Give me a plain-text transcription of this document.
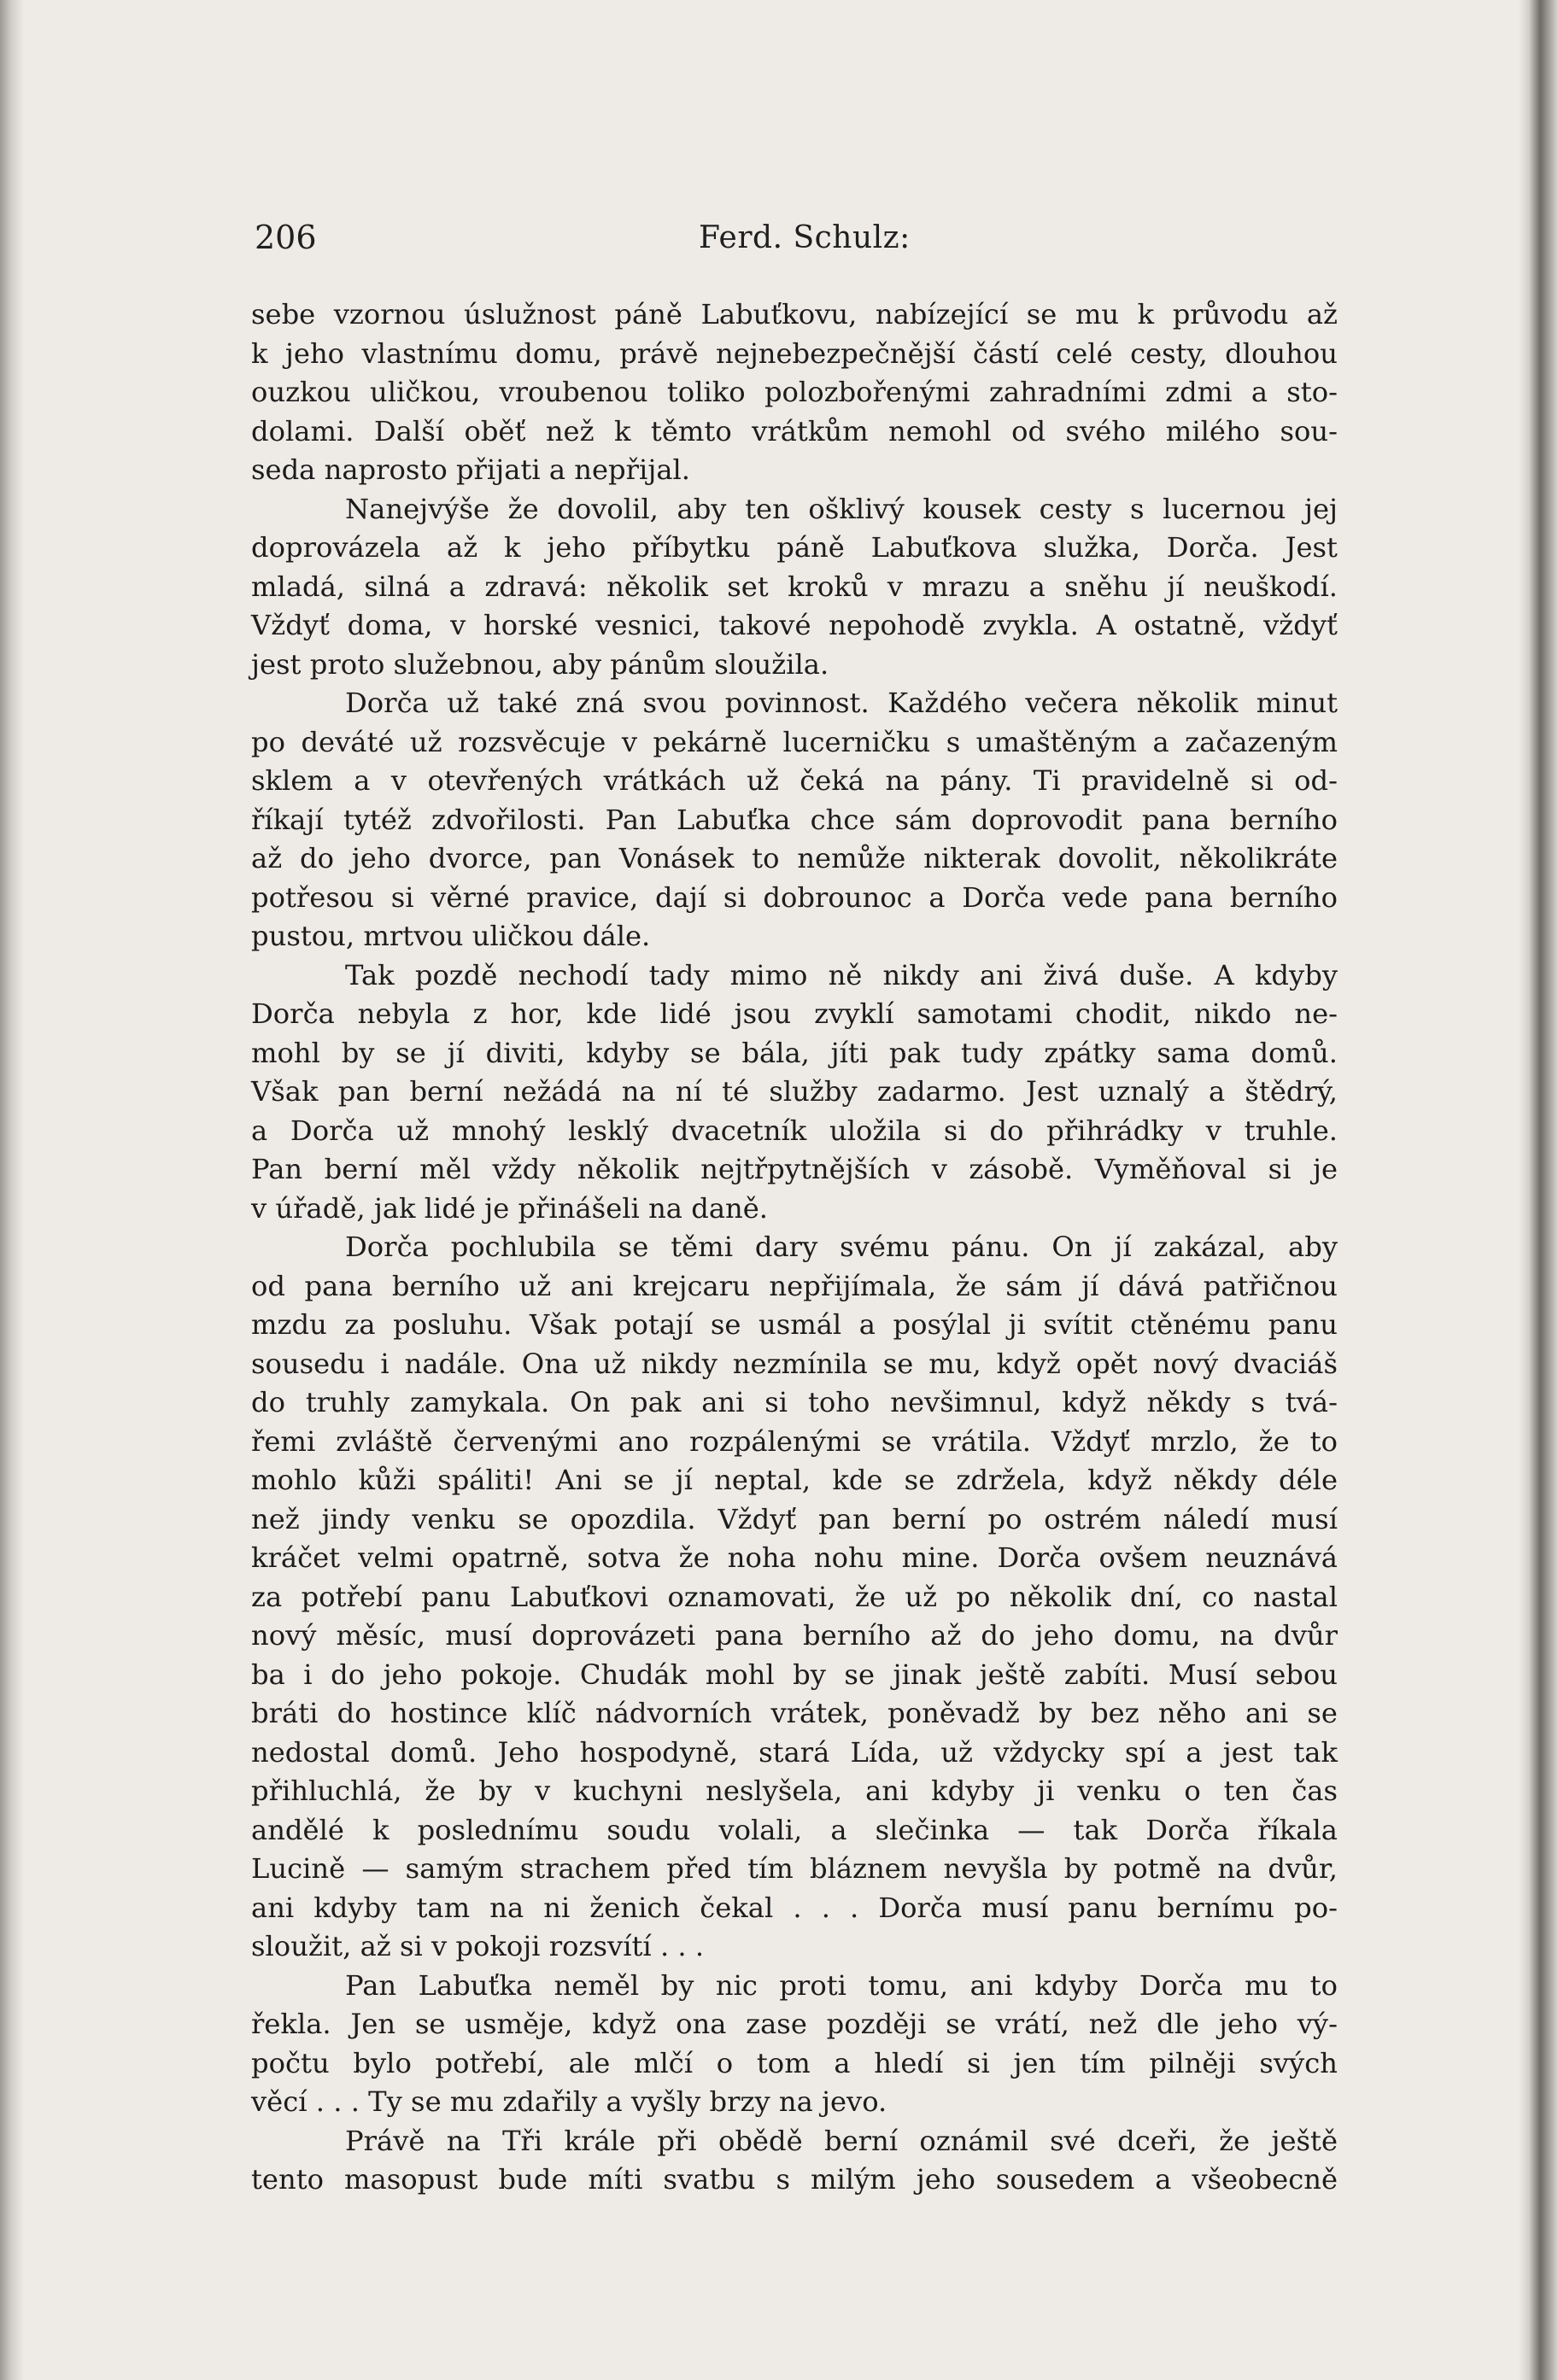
206	Ferd. Schulz:
sebe vzornou úslužnost páně Labuťkovu, nabízející se mu k průvodu až
k jeho vlastnímu domu, právě nejnebezpečnější částí celé cesty, dlouhou
ouzkou uličkou, vroubenou toliko polozbořenými zahradními zdmi a sto-
dolami. Další oběť než k těmto vrátkům nemohl od svého milého sou-
seda naprosto přijati a nepřijal.
Nanejvýše že dovolil, aby ten ošklivý kousek cesty s lucernou jej
doprovázela až k jeho příbytku páně Labuťkova služka, Dorča. Jest
mladá, silná a zdravá: několik set kroků v mrazu a sněhu jí neuškodí.
Vždyť doma, v horské vesnici, takové nepohodě zvykla. A ostatně, vždyť
jest proto služebnou, aby pánům sloužila.
Dorča už také zná svou povinnost. Každého večera několik minut
po deváté už rozsvěcuje v pekárně lucerničku s umaštěným a začazeným
sklem a v otevřených vrátkách už čeká na pány. Ti pravidelně si od-
říkají tytéž zdvořilosti. Pan Labuťka chce sám doprovodit pana berního
až do jeho dvorce, pan Vonásek to nemůže nikterak dovolit, několikráte
potřesou si věrné pravice, dají si dobrounoc a Dorča vede pana berního
pustou, mrtvou uličkou dále.
Tak pozdě nechodí tady mimo ně nikdy ani živá duše. A kdyby
Dorča nebyla z hor, kde lidé jsou zvyklí samotami chodit, nikdo ne-
mohl by se jí diviti, kdyby se bála, jíti pak tudy zpátky sama domů.
Však pan berní nežádá na ní té služby zadarmo. Jest uznalý a štědrý,
a Dorča už mnohý lesklý dvacetník uložila si do přihrádky v truhle.
Pan berní měl vždy několik nejtřpytnějších v zásobě. Vyměňoval si je
v úřadě, jak lidé je přinášeli na daně.
Dorča pochlubila se těmi dary svému pánu. On jí zakázal, aby
od pana berního už ani krejcaru nepřijímala, že sám jí dává patřičnou
mzdu za posluhu. Však potají se usmál a posýlal ji svítit ctěnému panu
sousedu i nadále. Ona už nikdy nezmínila se mu, když opět nový dvaciáš
do truhly zamykala. On pak ani si toho nevšimnul, když někdy s tvá-
řemi zvláště červenými ano rozpálenými se vrátila. Vždyť mrzlo, že to
mohlo kůži spáliti! Ani se jí neptal, kde se zdržela, když někdy déle
než jindy venku se opozdila. Vždyť pan berní po ostrém náledí musí
kráčet velmi opatrně, sotva že noha nohu mine. Dorča ovšem neuznává
za potřebí panu Labuťkovi oznamovati, že už po několik dní, co nastal
nový měsíc, musí doprovázeti pana berního až do jeho domu, na dvůr
ba i do jeho pokoje. Chudák mohl by se jinak ještě zabíti. Musí sebou
bráti do hostince klíč nádvorních vrátek, poněvadž by bez něho ani se
nedostal domů. Jeho hospodyně, stará Lída, už vždycky spí a jest tak
přihluchlá, že by v kuchyni neslyšela, ani kdyby ji venku o ten čas
andělé k poslednímu soudu volali, a slečinka — tak Dorča říkala
Lucině — samým strachem před tím bláznem nevyšla by potmě na dvůr,
ani kdyby tam na ni ženich čekal . . . Dorča musí panu bernímu po-
sloužit, až si v pokoji rozsvítí . . .
Pan Labuťka neměl by nic proti tomu, ani kdyby Dorča mu to
řekla. Jen se usměje, když ona zase později se vrátí, než dle jeho vý-
počtu bylo potřebí, ale mlčí o tom a hledí si jen tím pilněji svých
věcí . . . Ty se mu zdařily a vyšly brzy na jevo.
Právě na Tři krále při obědě berní oznámil své dceři, že ještě
tento masopust bude míti svatbu s milým jeho sousedem a všeobecně
